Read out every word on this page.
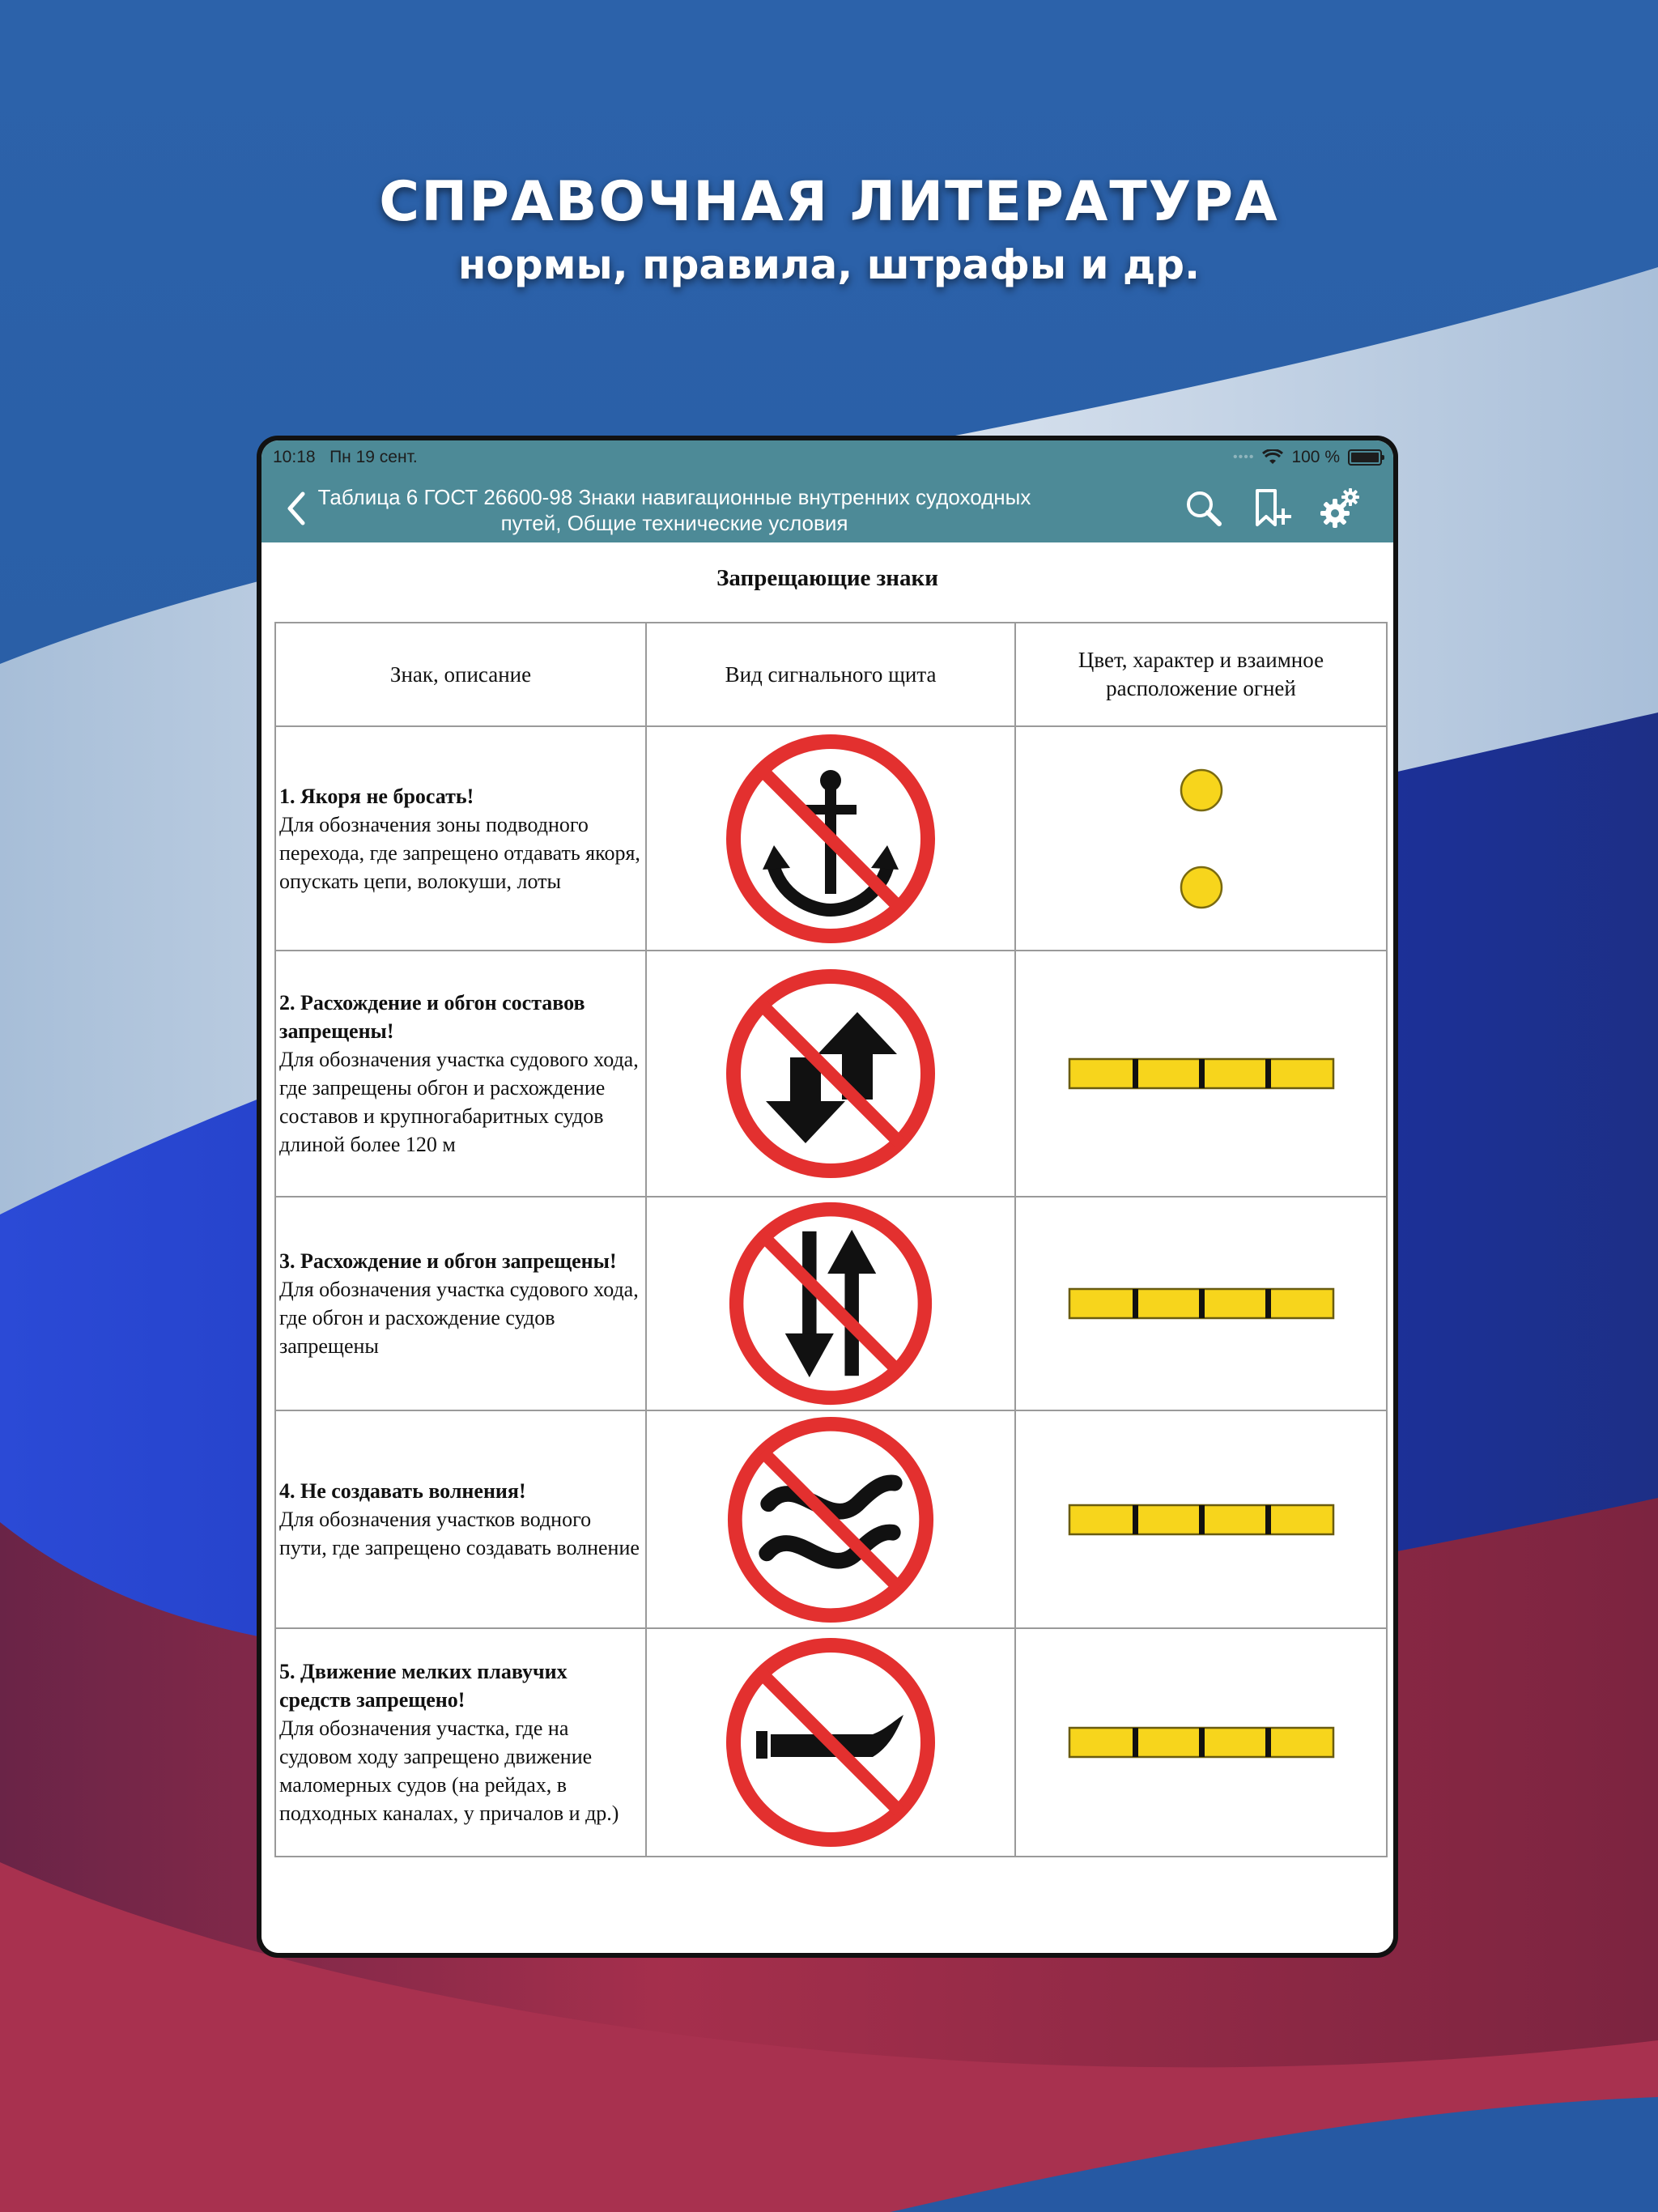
СПРАВОЧНАЯ ЛИТЕРАТУРА
нормы, правила, штрафы и др.
10:18 Пн 19 сент.	•••• 100 %
Таблица 6 ГОСТ 26600-98 Знаки навигационные внутренних судоходных путей, Общие технические условия
Запрещающие знаки
Знак, описание	Вид сигнального щита	Цвет, характер и взаимное расположение огней

1. Якоря не бросать!
Для обозначения зоны подводного перехода, где запрещено отдавать якоря, опускать цепи, волокуши, лоты	

2. Расхождение и обгон составов запрещены!
Для обозначения участка судового хода, где запрещены обгон и расхождение составов и крупногабаритных судов длиной более 120 м	

3. Расхождение и обгон запрещены!
Для обозначения участка судового хода, где обгон и расхождение судов запрещены	

4. Не создавать волнения!
Для обозначения участков водного пути, где запрещено создавать волнение	

5. Движение мелких плавучих средств запрещено!
Для обозначения участка, где на судовом ходу запрещено движение маломерных судов (на рейдах, в подходных каналах, у причалов и др.)	
